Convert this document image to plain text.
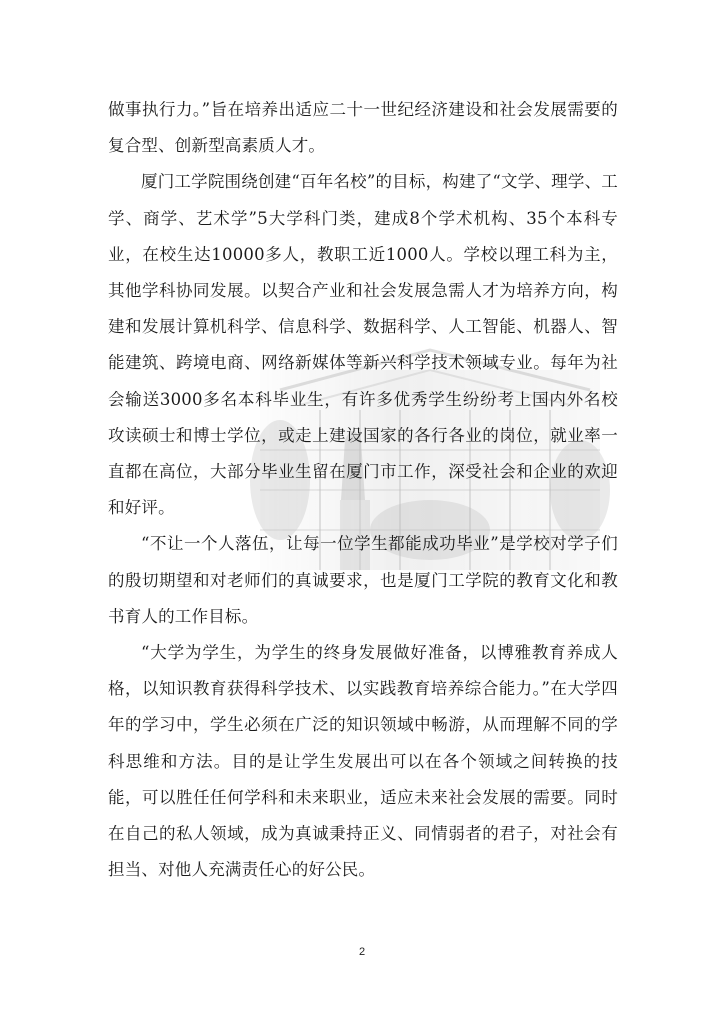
做事执行力。”旨在培养出适应二十一世纪经济建设和社会发展需要的复合型、创新型高素质人才。

厦门工学院围绕创建“百年名校”的目标，构建了“文学、理学、工学、商学、艺术学”5大学科门类，建成8个学术机构、35个本科专业，在校生达10000多人，教职工近1000人。学校以理工科为主，其他学科协同发展。以契合产业和社会发展急需人才为培养方向，构建和发展计算机科学、信息科学、数据科学、人工智能、机器人、智能建筑、跨境电商、网络新媒体等新兴科学技术领域专业。每年为社会输送3000多名本科毕业生，有许多优秀学生纷纷考上国内外名校攻读硕士和博士学位，或走上建设国家的各行各业的岗位，就业率一直都在高位，大部分毕业生留在厦门市工作，深受社会和企业的欢迎和好评。

“不让一个人落伍，让每一位学生都能成功毕业”是学校对学子们的殷切期望和对老师们的真诚要求，也是厦门工学院的教育文化和教书育人的工作目标。

“大学为学生，为学生的终身发展做好准备，以博雅教育养成人格，以知识教育获得科学技术、以实践教育培养综合能力。”在大学四年的学习中，学生必须在广泛的知识领域中畅游，从而理解不同的学科思维和方法。目的是让学生发展出可以在各个领域之间转换的技能，可以胜任任何学科和未来职业，适应未来社会发展的需要。同时在自己的私人领域，成为真诚秉持正义、同情弱者的君子，对社会有担当、对他人充满责任心的好公民。

2
